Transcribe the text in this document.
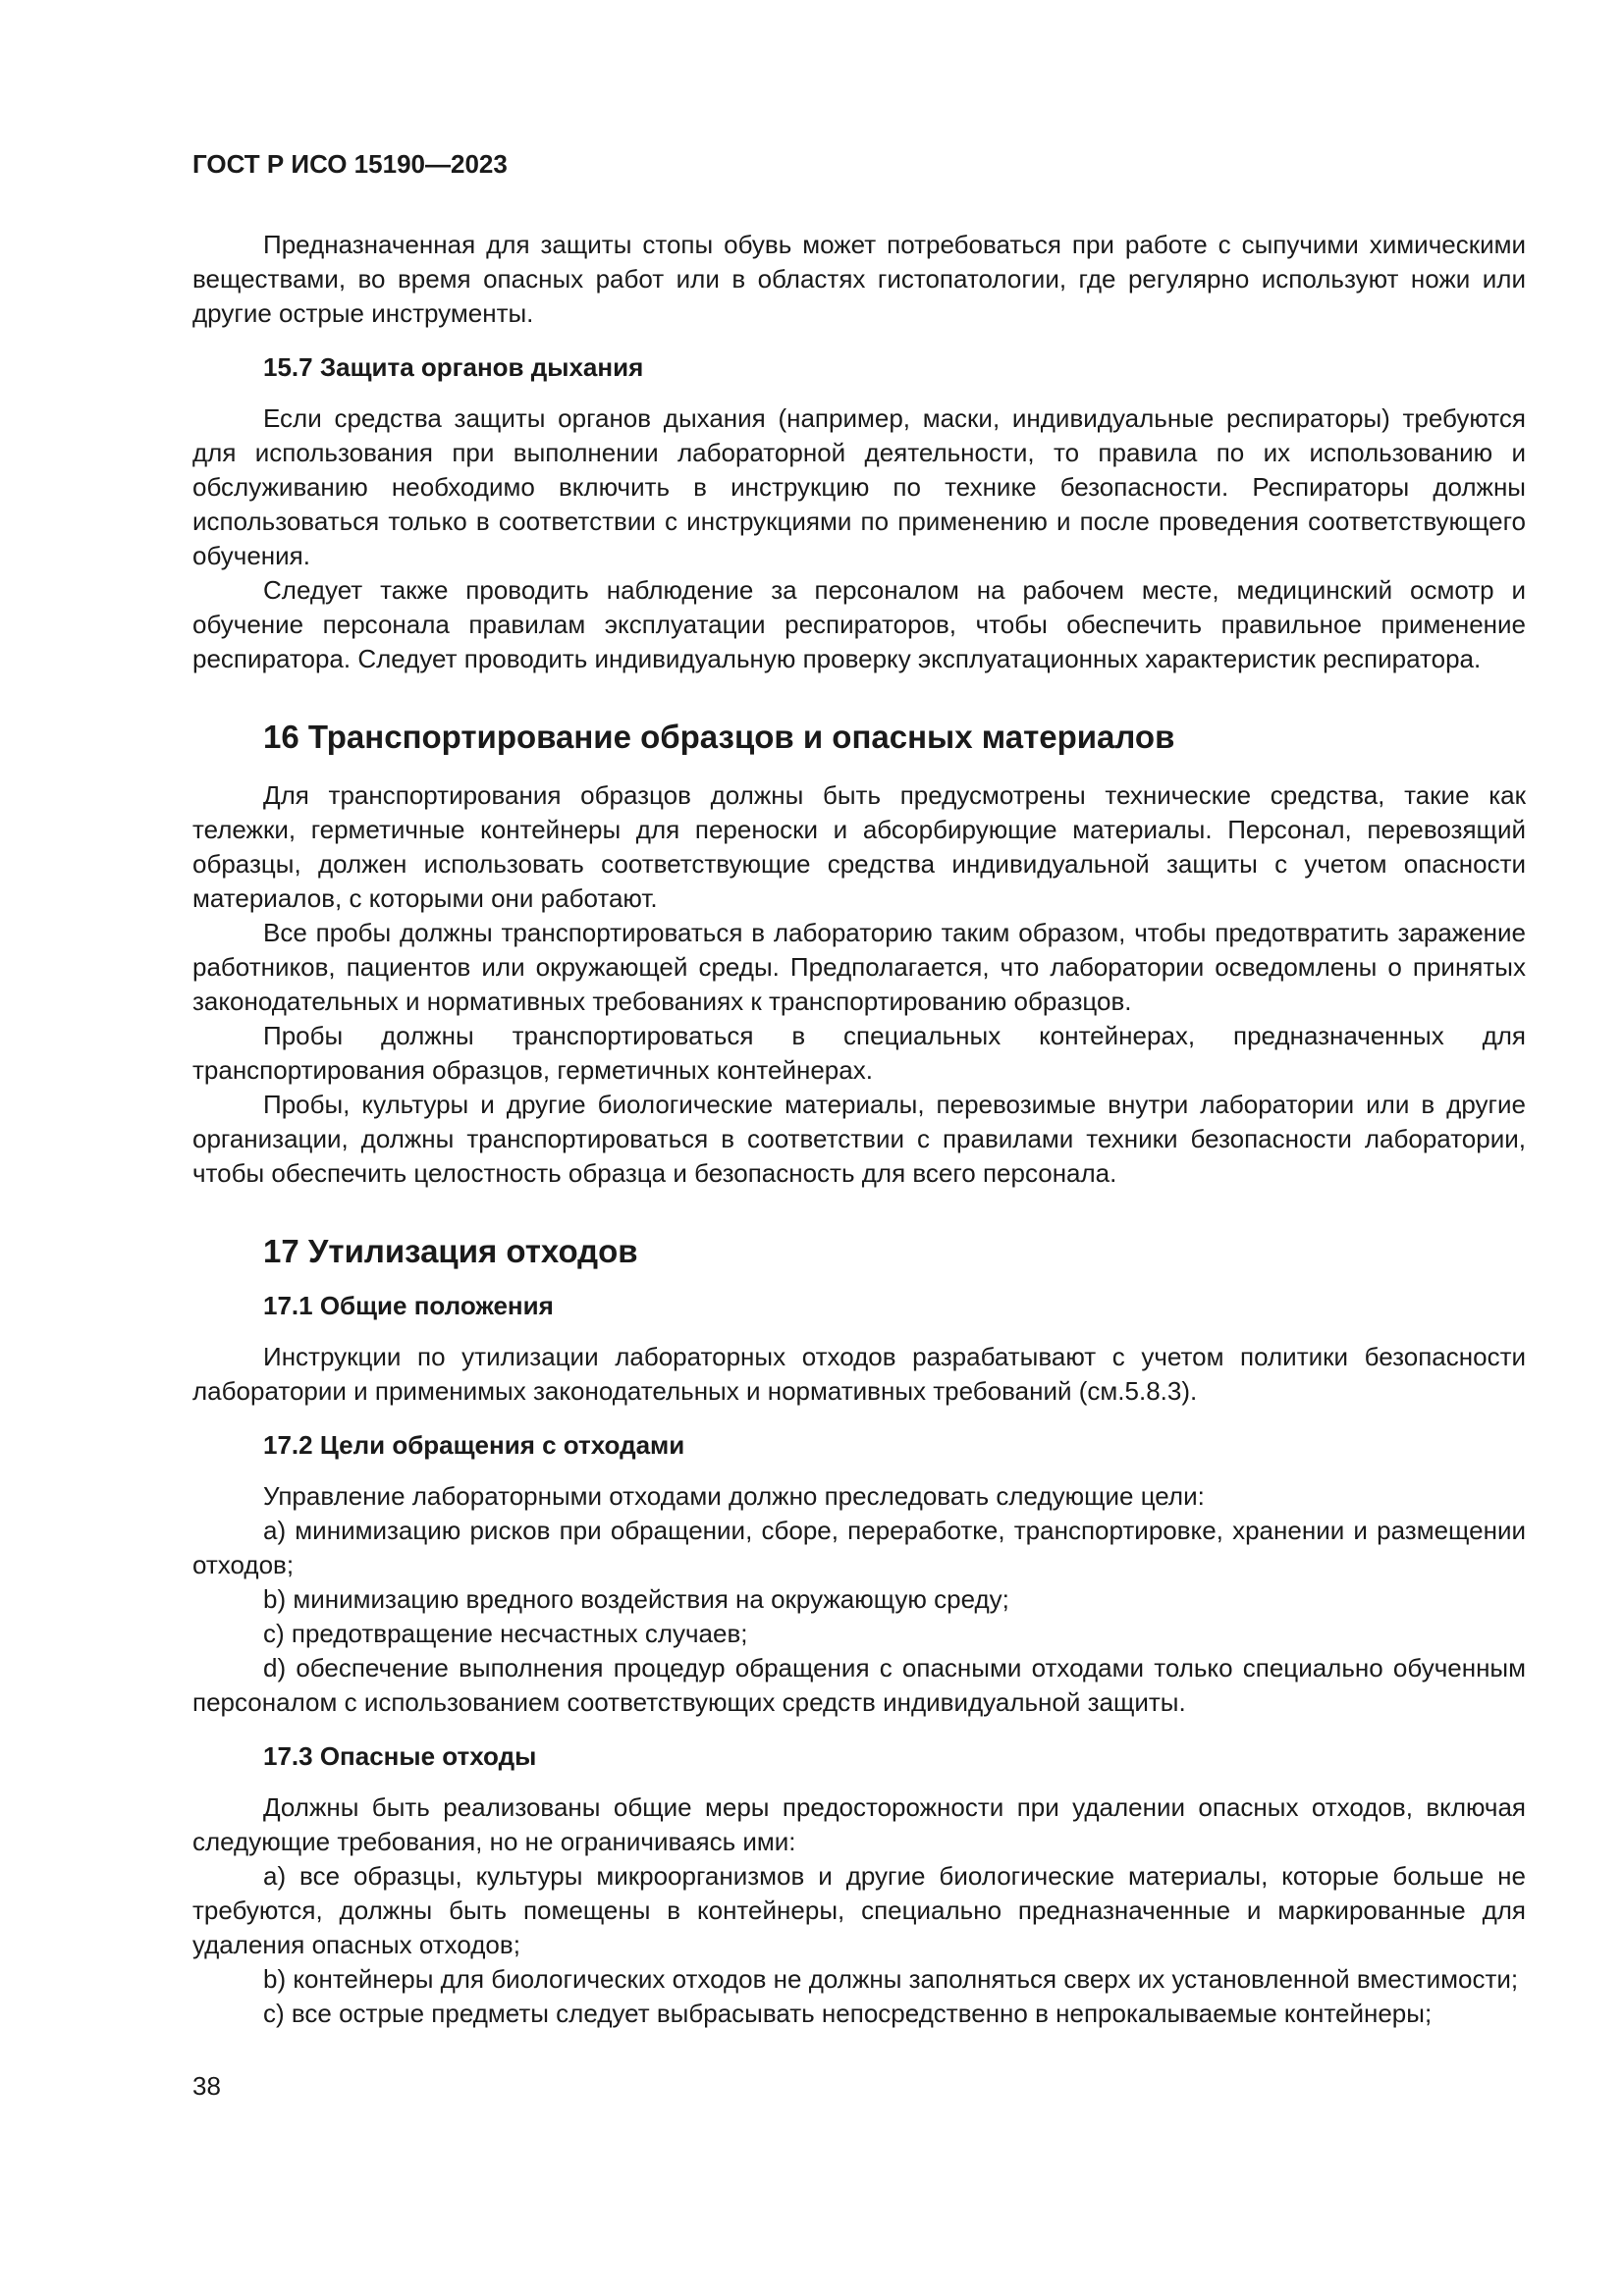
ГОСТ Р ИСО 15190—2023

Предназначенная для защиты стопы обувь может потребоваться при работе с сыпучими химическими веществами, во время опасных работ или в областях гистопатологии, где регулярно используют ножи или другие острые инструменты.

15.7 Защита органов дыхания

Если средства защиты органов дыхания (например, маски, индивидуальные респираторы) требуются для использования при выполнении лабораторной деятельности, то правила по их использованию и обслуживанию необходимо включить в инструкцию по технике безопасности. Респираторы должны использоваться только в соответствии с инструкциями по применению и после проведения соответствующего обучения.

Следует также проводить наблюдение за персоналом на рабочем месте, медицинский осмотр и обучение персонала правилам эксплуатации респираторов, чтобы обеспечить правильное применение респиратора. Следует проводить индивидуальную проверку эксплуатационных характеристик респиратора.

16 Транспортирование образцов и опасных материалов

Для транспортирования образцов должны быть предусмотрены технические средства, такие как тележки, герметичные контейнеры для переноски и абсорбирующие материалы. Персонал, перевозящий образцы, должен использовать соответствующие средства индивидуальной защиты с учетом опасности материалов, с которыми они работают.

Все пробы должны транспортироваться в лабораторию таким образом, чтобы предотвратить заражение работников, пациентов или окружающей среды. Предполагается, что лаборатории осведомлены о принятых законодательных и нормативных требованиях к транспортированию образцов.

Пробы должны транспортироваться в специальных контейнерах, предназначенных для транспортирования образцов, герметичных контейнерах.

Пробы, культуры и другие биологические материалы, перевозимые внутри лаборатории или в другие организации, должны транспортироваться в соответствии с правилами техники безопасности лаборатории, чтобы обеспечить целостность образца и безопасность для всего персонала.

17 Утилизация отходов
17.1 Общие положения

Инструкции по утилизации лабораторных отходов разрабатывают с учетом политики безопасности лаборатории и применимых законодательных и нормативных требований (см.5.8.3).

17.2 Цели обращения с отходами

Управление лабораторными отходами должно преследовать следующие цели:

a) минимизацию рисков при обращении, сборе, переработке, транспортировке, хранении и размещении отходов;

b) минимизацию вредного воздействия на окружающую среду;

c) предотвращение несчастных случаев;

d) обеспечение выполнения процедур обращения с опасными отходами только специально обученным персоналом с использованием соответствующих средств индивидуальной защиты.

17.3 Опасные отходы

Должны быть реализованы общие меры предосторожности при удалении опасных отходов, включая следующие требования, но не ограничиваясь ими:

a) все образцы, культуры микроорганизмов и другие биологические материалы, которые больше не требуются, должны быть помещены в контейнеры, специально предназначенные и маркированные для удаления опасных отходов;

b) контейнеры для биологических отходов не должны заполняться сверх их установленной вместимости;

c) все острые предметы следует выбрасывать непосредственно в непрокалываемые контейнеры;

38
